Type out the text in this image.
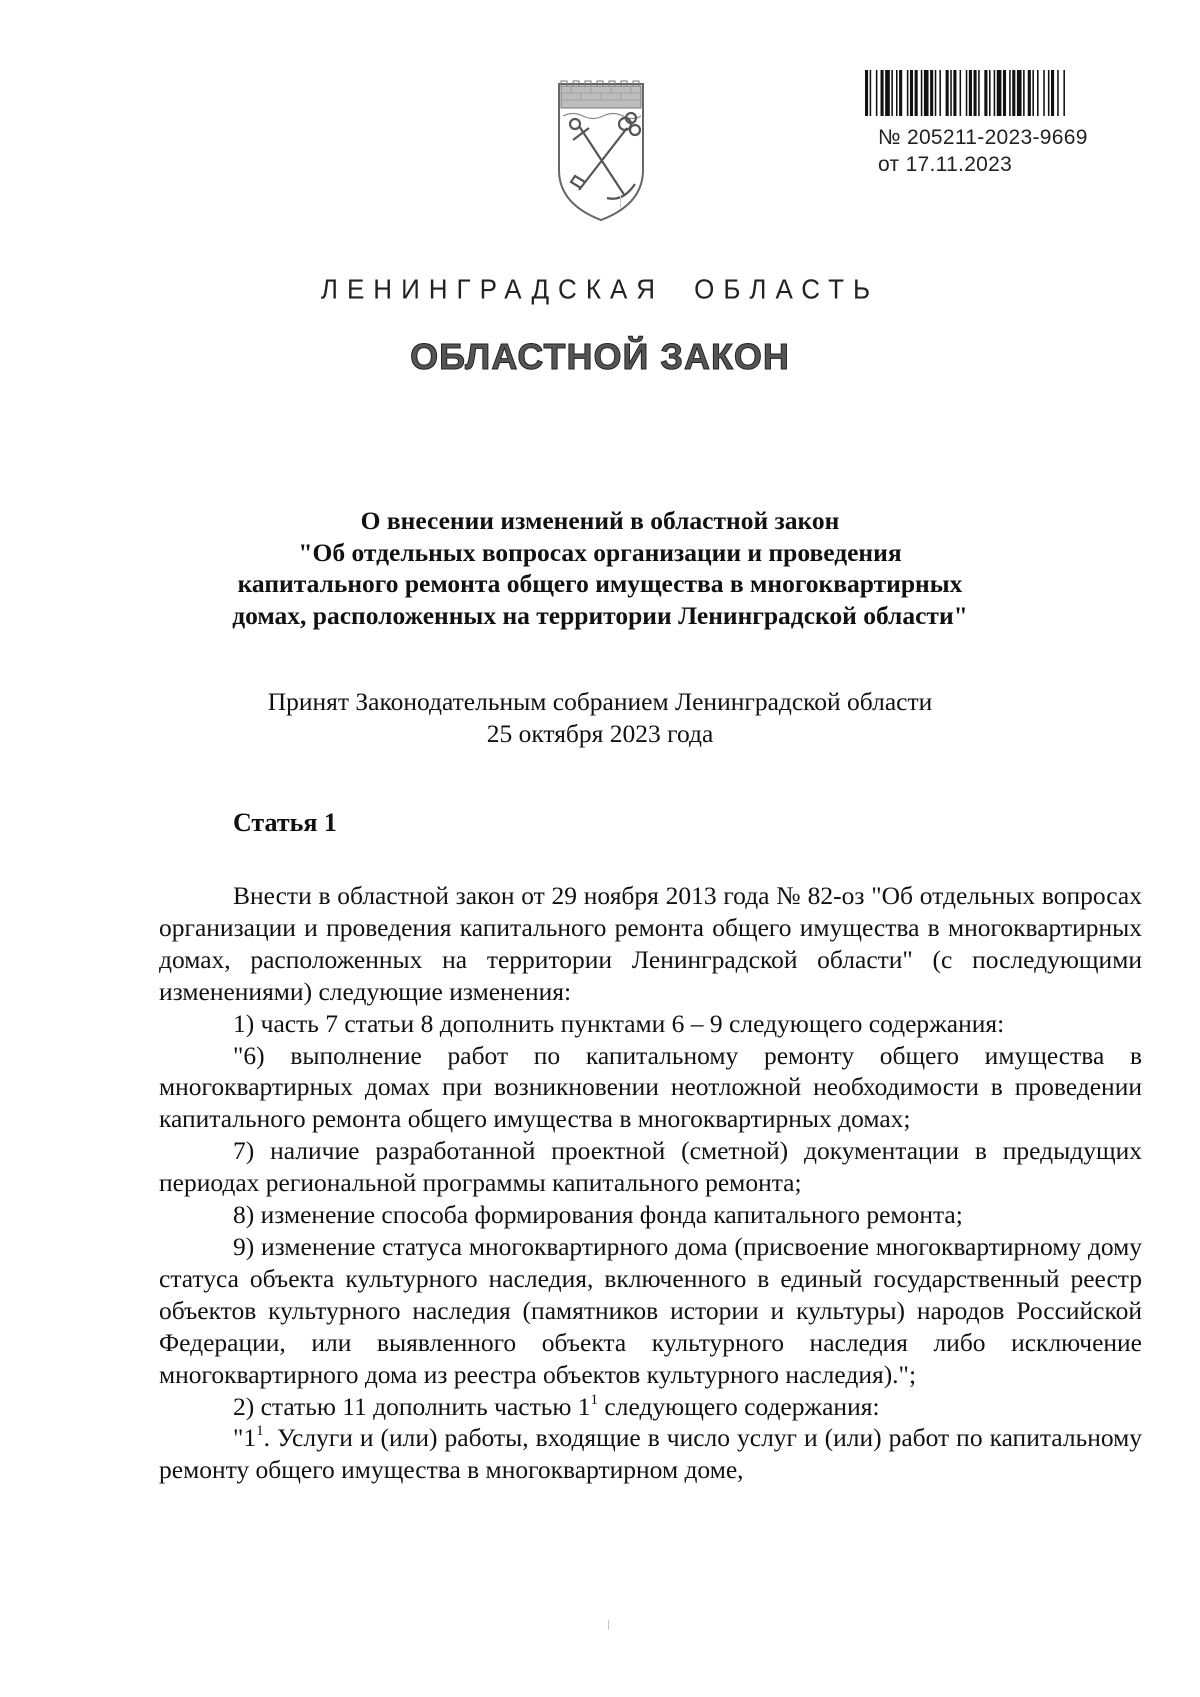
№ 205211-2023-9669
от 17.11.2023
ЛЕНИНГРАДСКАЯ ОБЛАСТЬ
ОБЛАСТНОЙ ЗАКОН
О внесении изменений в областной закон
"Об отдельных вопросах организации и проведения
капитального ремонта общего имущества в многоквартирных
домах, расположенных на территории Ленинградской области"
Принят Законодательным собранием Ленинградской области
25 октября 2023 года
Статья 1

Внести в областной закон от 29 ноября 2013 года № 82-оз "Об отдельных вопросах организации и проведения капитального ремонта общего имущества в многоквартирных домах, расположенных на территории Ленинградской области" (с последующими изменениями) следующие изменения:

1) часть 7 статьи 8 дополнить пунктами 6 – 9 следующего содержания:

"6) выполнение работ по капитальному ремонту общего имущества в многоквартирных домах при возникновении неотложной необходимости в проведении капитального ремонта общего имущества в многоквартирных домах;

7) наличие разработанной проектной (сметной) документации в предыдущих периодах региональной программы капитального ремонта;

8) изменение способа формирования фонда капитального ремонта;

9) изменение статуса многоквартирного дома (присвоение многоквартирному дому статуса объекта культурного наследия, включенного в единый государственный реестр объектов культурного наследия (памятников истории и культуры) народов Российской Федерации, или выявленного объекта культурного наследия либо исключение многоквартирного дома из реестра объектов культурного наследия).";

2) статью 11 дополнить частью $1^1$ следующего содержания:

"$1^1$. Услуги и (или) работы, входящие в число услуг и (или) работ по капитальному ремонту общего имущества в многоквартирном доме,
